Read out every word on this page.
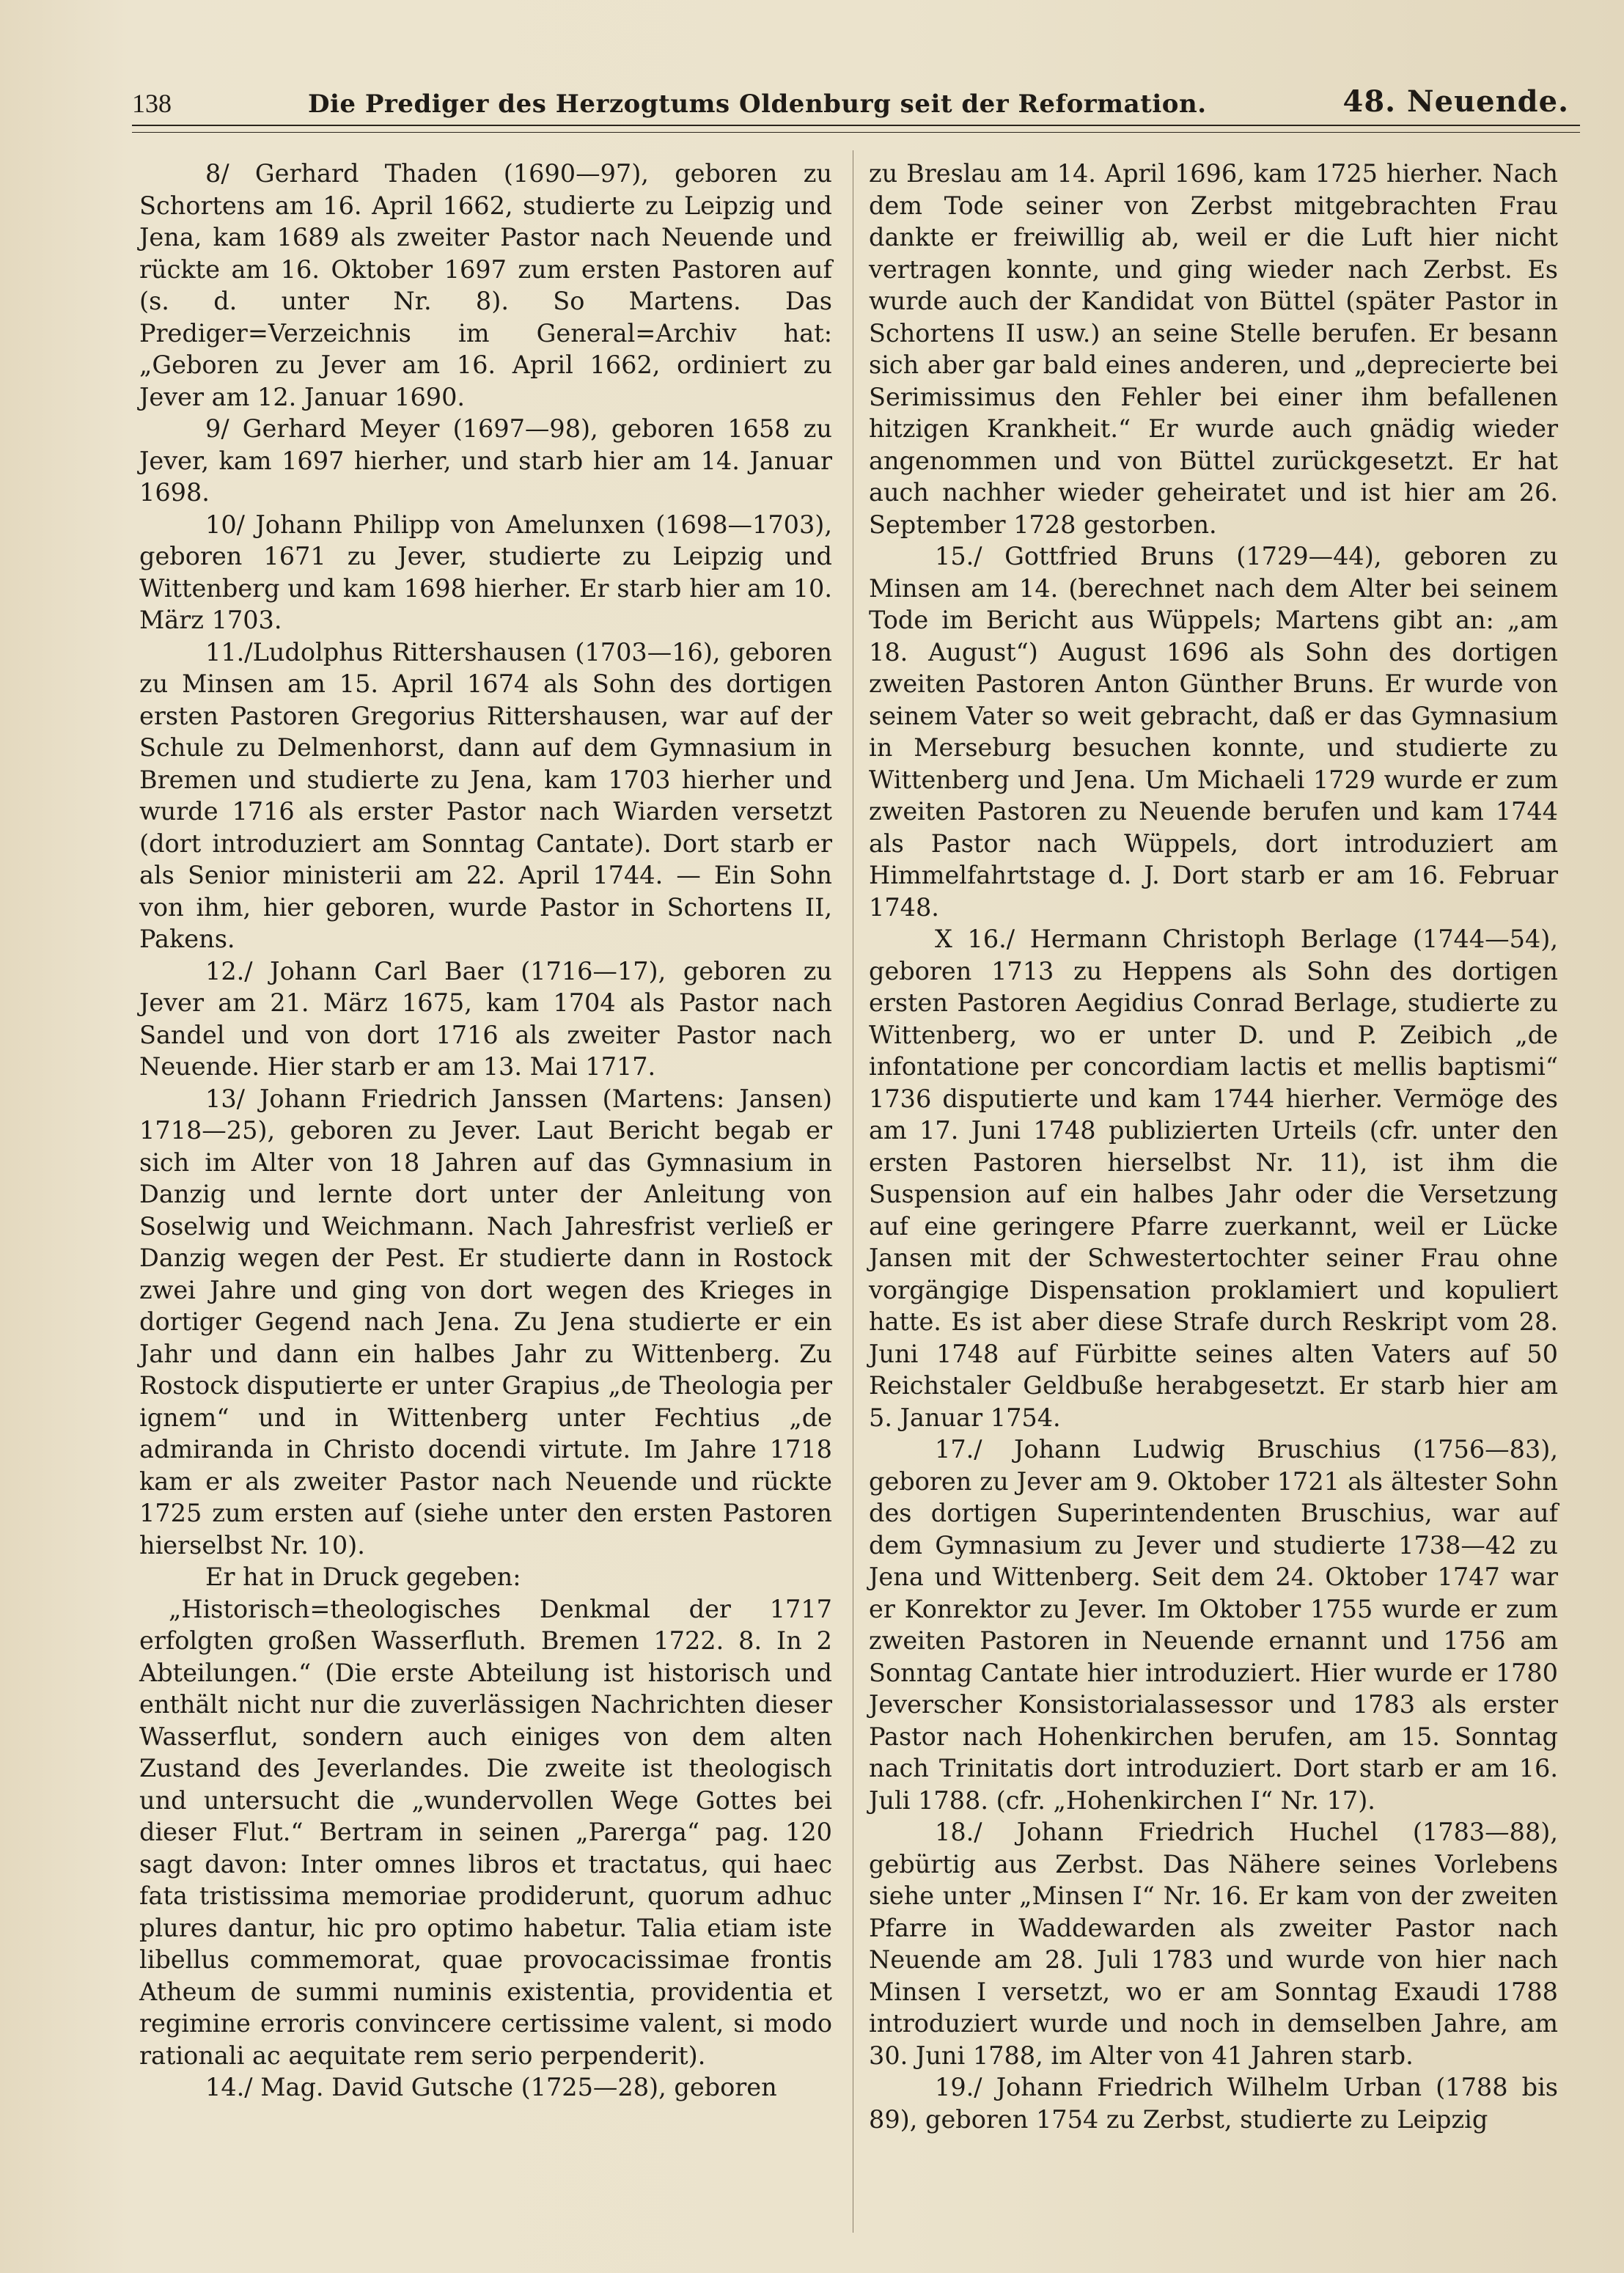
138	Die Prediger des Herzogtums Oldenburg seit der Reformation.	48. Neuende.

8/ Gerhard Thaden (1690—97), geboren zu Schortens am 16. April 1662, studierte zu Leipzig und Jena, kam 1689 als zweiter Pastor nach Neuende und rückte am 16. Oktober 1697 zum ersten Pastoren auf (s. d. unter Nr. 8). So Martens. Das Prediger=Verzeichnis im General=Archiv hat: „Geboren zu Jever am 16. April 1662, ordiniert zu Jever am 12. Januar 1690.

9/ Gerhard Meyer (1697—98), geboren 1658 zu Jever, kam 1697 hierher, und starb hier am 14. Januar 1698.

10/ Johann Philipp von Amelunxen (1698—1703), geboren 1671 zu Jever, studierte zu Leipzig und Wittenberg und kam 1698 hierher. Er starb hier am 10. März 1703.

11./Ludolphus Rittershausen (1703—16), geboren zu Minsen am 15. April 1674 als Sohn des dortigen ersten Pastoren Gregorius Rittershausen, war auf der Schule zu Delmenhorst, dann auf dem Gymnasium in Bremen und studierte zu Jena, kam 1703 hierher und wurde 1716 als erster Pastor nach Wiarden versetzt (dort introduziert am Sonntag Cantate). Dort starb er als Senior ministerii am 22. April 1744. — Ein Sohn von ihm, hier geboren, wurde Pastor in Schortens II, Pakens.

12./ Johann Carl Baer (1716—17), geboren zu Jever am 21. März 1675, kam 1704 als Pastor nach Sandel und von dort 1716 als zweiter Pastor nach Neuende. Hier starb er am 13. Mai 1717.

13/ Johann Friedrich Janssen (Martens: Jansen) 1718—25), geboren zu Jever. Laut Bericht begab er sich im Alter von 18 Jahren auf das Gymnasium in Danzig und lernte dort unter der Anleitung von Soselwig und Weichmann. Nach Jahresfrist verließ er Danzig wegen der Pest. Er studierte dann in Rostock zwei Jahre und ging von dort wegen des Krieges in dortiger Gegend nach Jena. Zu Jena studierte er ein Jahr und dann ein halbes Jahr zu Wittenberg. Zu Rostock disputierte er unter Grapius „de Theologia per ignem“ und in Wittenberg unter Fechtius „de admiranda in Christo docendi virtute. Im Jahre 1718 kam er als zweiter Pastor nach Neuende und rückte 1725 zum ersten auf (siehe unter den ersten Pastoren hierselbst Nr. 10).

Er hat in Druck gegeben:

„Historisch=theologisches Denkmal der 1717 erfolgten großen Wasserfluth. Bremen 1722. 8. In 2 Abteilungen.“ (Die erste Abteilung ist historisch und enthält nicht nur die zuverlässigen Nachrichten dieser Wasserflut, sondern auch einiges von dem alten Zustand des Jeverlandes. Die zweite ist theologisch und untersucht die „wundervollen Wege Gottes bei dieser Flut.“ Bertram in seinen „Parerga“ pag. 120 sagt davon: Inter omnes libros et tractatus, qui haec fata tristissima memoriae prodiderunt, quorum adhuc plures dantur, hic pro optimo habetur. Talia etiam iste libellus commemorat, quae provocacissimae frontis Atheum de summi numinis existentia, providentia et regimine erroris convincere certissime valent, si modo rationali ac aequitate rem serio perpenderit).

14./ Mag. David Gutsche (1725—28), geboren

zu Breslau am 14. April 1696, kam 1725 hierher. Nach dem Tode seiner von Zerbst mitgebrachten Frau dankte er freiwillig ab, weil er die Luft hier nicht vertragen konnte, und ging wieder nach Zerbst. Es wurde auch der Kandidat von Büttel (später Pastor in Schortens II usw.) an seine Stelle berufen. Er besann sich aber gar bald eines anderen, und „deprecierte bei Serimissimus den Fehler bei einer ihm befallenen hitzigen Krankheit.“ Er wurde auch gnädig wieder angenommen und von Büttel zurückgesetzt. Er hat auch nachher wieder geheiratet und ist hier am 26. September 1728 gestorben.

15./ Gottfried Bruns (1729—44), geboren zu Minsen am 14. (berechnet nach dem Alter bei seinem Tode im Bericht aus Wüppels; Martens gibt an: „am 18. August“) August 1696 als Sohn des dortigen zweiten Pastoren Anton Günther Bruns. Er wurde von seinem Vater so weit gebracht, daß er das Gymnasium in Merseburg besuchen konnte, und studierte zu Wittenberg und Jena. Um Michaeli 1729 wurde er zum zweiten Pastoren zu Neuende berufen und kam 1744 als Pastor nach Wüppels, dort introduziert am Himmelfahrtstage d. J. Dort starb er am 16. Februar 1748.

X 16./ Hermann Christoph Berlage (1744—54), geboren 1713 zu Heppens als Sohn des dortigen ersten Pastoren Aegidius Conrad Berlage, studierte zu Wittenberg, wo er unter D. und P. Zeibich „de infontatione per concordiam lactis et mellis baptismi“ 1736 disputierte und kam 1744 hierher. Vermöge des am 17. Juni 1748 publizierten Urteils (cfr. unter den ersten Pastoren hierselbst Nr. 11), ist ihm die Suspension auf ein halbes Jahr oder die Versetzung auf eine geringere Pfarre zuerkannt, weil er Lücke Jansen mit der Schwestertochter seiner Frau ohne vorgängige Dispensation proklamiert und kopuliert hatte. Es ist aber diese Strafe durch Reskript vom 28. Juni 1748 auf Fürbitte seines alten Vaters auf 50 Reichstaler Geldbuße herabgesetzt. Er starb hier am 5. Januar 1754.

17./ Johann Ludwig Bruschius (1756—83), geboren zu Jever am 9. Oktober 1721 als ältester Sohn des dortigen Superintendenten Bruschius, war auf dem Gymnasium zu Jever und studierte 1738—42 zu Jena und Wittenberg. Seit dem 24. Oktober 1747 war er Konrektor zu Jever. Im Oktober 1755 wurde er zum zweiten Pastoren in Neuende ernannt und 1756 am Sonntag Cantate hier introduziert. Hier wurde er 1780 Jeverscher Konsistorialassessor und 1783 als erster Pastor nach Hohenkirchen berufen, am 15. Sonntag nach Trinitatis dort introduziert. Dort starb er am 16. Juli 1788. (cfr. „Hohenkirchen I“ Nr. 17).

18./ Johann Friedrich Huchel (1783—88), gebürtig aus Zerbst. Das Nähere seines Vorlebens siehe unter „Minsen I“ Nr. 16. Er kam von der zweiten Pfarre in Waddewarden als zweiter Pastor nach Neuende am 28. Juli 1783 und wurde von hier nach Minsen I versetzt, wo er am Sonntag Exaudi 1788 introduziert wurde und noch in demselben Jahre, am 30. Juni 1788, im Alter von 41 Jahren starb.

19./ Johann Friedrich Wilhelm Urban (1788 bis 89), geboren 1754 zu Zerbst, studierte zu Leipzig
